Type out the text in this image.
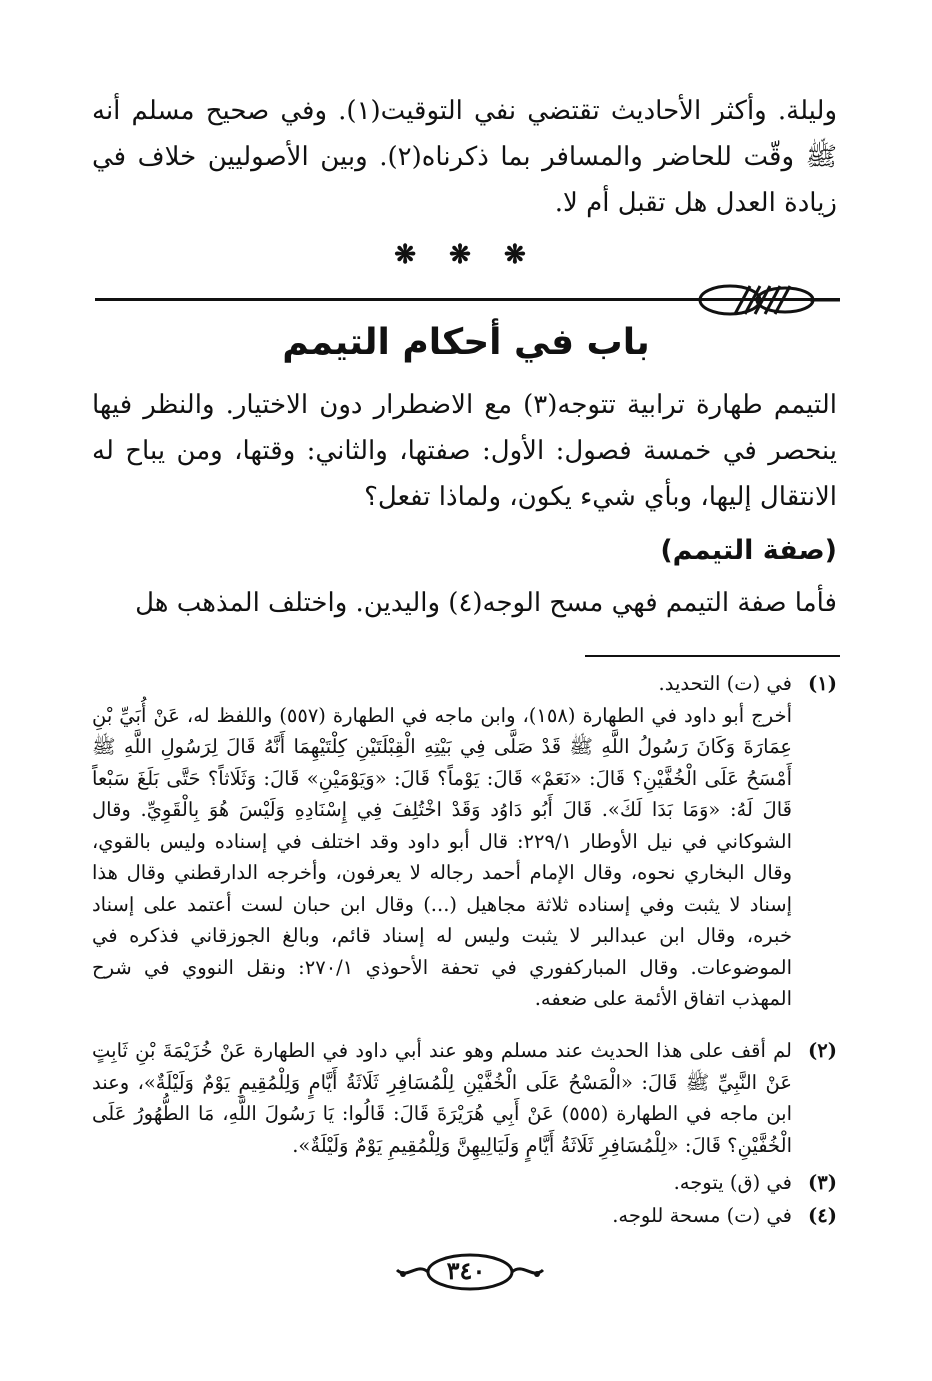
وليلة. وأكثر الأحاديث تقتضي نفي التوقيت(١). وفي صحيح مسلم أنه ﷺ وقّت للحاضر والمسافر بما ذكرناه(٢). وبين الأصوليين خلاف في زيادة العدل هل تقبل أم لا.

❋ ❋ ❋
باب في أحكام التيمم

التيمم طهارة ترابية تتوجه(٣) مع الاضطرار دون الاختيار. والنظر فيها ينحصر في خمسة فصول: الأول: صفتها، والثاني: وقتها، ومن يباح له الانتقال إليها، وبأي شيء يكون، ولماذا تفعل؟

(صفة التيمم)

فأما صفة التيمم فهي مسح الوجه(٤) واليدين. واختلف المذهب هل

(١)
في (ت) التحديد.
أخرج أبو داود في الطهارة (١٥٨)، وابن ماجه في الطهارة (٥٥٧) واللفظ له، عَنْ أُبَيِّ بْنِ عِمَارَةَ وَكَانَ رَسُولُ اللَّهِ ﷺ قَدْ صَلَّى فِي بَيْتِهِ الْقِبْلَتَيْنِ كِلْتَيْهِمَا أَنَّهُ قَالَ لِرَسُولِ اللَّهِ ﷺ أَمْسَحُ عَلَى الْخُفَّيْنِ؟ قَالَ: «نَعَمْ» قَالَ: يَوْماً؟ قَالَ: «وَيَوْمَيْنِ» قَالَ: وَثَلَاثاً؟ حَتَّى بَلَغَ سَبْعاً قَالَ لَهُ: «وَمَا بَدَا لَكَ». قَالَ أَبُو دَاوُد وَقَدْ اخْتُلِفَ فِي إِسْنَادِهِ وَلَيْسَ هُوَ بِالْقَوِيِّ. وقال الشوكاني في نيل الأوطار ٢٢٩/١: قال أبو داود وقد اختلف في إسناده وليس بالقوي، وقال البخاري نحوه، وقال الإمام أحمد رجاله لا يعرفون، وأخرجه الدارقطني وقال هذا إسناد لا يثبت وفي إسناده ثلاثة مجاهيل (...) وقال ابن حبان لست أعتمد على إسناد خبره، وقال ابن عبدالبر لا يثبت وليس له إسناد قائم، وبالغ الجوزقاني فذكره في الموضوعات. وقال المباركفوري في تحفة الأحوذي ٢٧٠/١: ونقل النووي في شرح المهذب اتفاق الأئمة على ضعفه.
(٢)
لم أقف على هذا الحديث عند مسلم وهو عند أبي داود في الطهارة عَنْ خُزَيْمَةَ بْنِ ثَابِتٍ عَنْ النَّبِيِّ ﷺ قَالَ: «الْمَسْحُ عَلَى الْخُفَّيْنِ لِلْمُسَافِرِ ثَلَاثَةُ أَيَّامٍ وَلِلْمُقِيمِ يَوْمٌ وَلَيْلَةٌ»، وعند ابن ماجه في الطهارة (٥٥٥) عَنْ أَبِي هُرَيْرَةَ قَالَ: قَالُوا: يَا رَسُولَ اللَّهِ، مَا الطُّهُورُ عَلَى الْخُفَّيْنِ؟ قَالَ: «لِلْمُسَافِرِ ثَلَاثَةُ أَيَّامٍ وَلَيَالِيهِنَّ وَلِلْمُقِيمِ يَوْمٌ وَلَيْلَةٌ».
(٣)
في (ق) يتوجه.
(٤)
في (ت) مسحة للوجه.
٣٤٠
